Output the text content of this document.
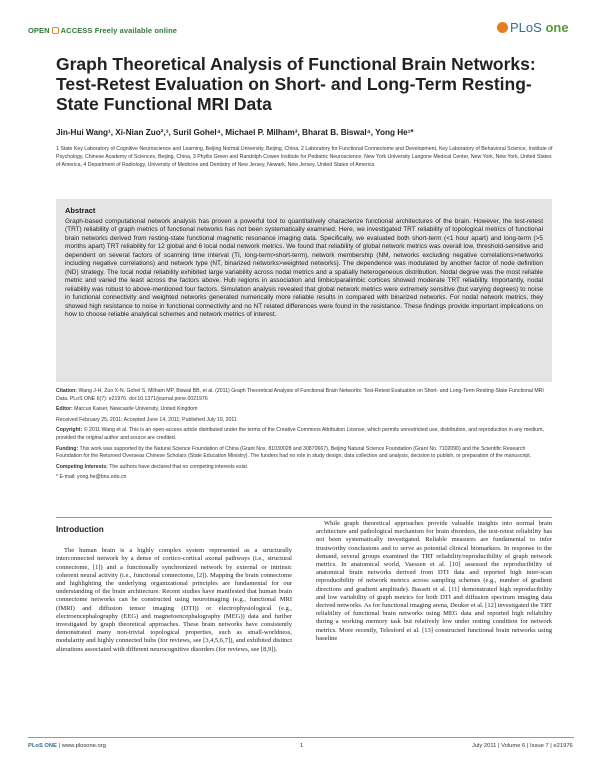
OPEN ACCESS Freely available online	PLoS one
Graph Theoretical Analysis of Functional Brain Networks: Test-Retest Evaluation on Short- and Long-Term Resting-State Functional MRI Data
Jin-Hui Wang¹, Xi-Nian Zuo²,³, Suril Gohel⁴, Michael P. Milham³, Bharat B. Biswal⁴, Yong He¹*
1 State Key Laboratory of Cognitive Neuroscience and Learning, Beijing Normal University, Beijing, China, 2 Laboratory for Functional Connectome and Development, Key Laboratory of Behavioral Science, Institute of Psychology, Chinese Academy of Sciences, Beijing, China, 3 Phyllis Green and Randolph Cowen Institute for Pediatric Neuroscience, New York University Langone Medical Center, New York, New York, United States of America, 4 Department of Radiology, University of Medicine and Dentistry of New Jersey, Newark, New Jersey, United States of America
Abstract

Graph-based computational network analysis has proven a powerful tool to quantitatively characterize functional architectures of the brain. However, the test-retest (TRT) reliability of graph metrics of functional networks has not been systematically examined. Here, we investigated TRT reliability of topological metrics of functional brain networks derived from resting-state functional magnetic resonance imaging data. Specifically, we evaluated both short-term (<1 hour apart) and long-term (>5 months apart) TRT reliability for 12 global and 6 local nodal network metrics. We found that reliability of global network metrics was overall low, threshold-sensitive and dependent on several factors of scanning time interval (TI, long-term>short-term), network membership (NM, networks excluding negative correlations>networks including negative correlations) and network type (NT, binarized networks>weighted networks). The dependence was modulated by another factor of node definition (ND) strategy. The local nodal reliability exhibited large variability across nodal metrics and a spatially heterogeneous distribution. Nodal degree was the most reliable metric and varied the least across the factors above. Hub regions in association and limbic/paralimbic cortices showed moderate TRT reliability. Importantly, nodal reliability was robust to above-mentioned four factors. Simulation analysis revealed that global network metrics were extremely sensitive (but varying degrees) to noise in functional connectivity and weighted networks generated numerically more reliable results in compared with binarized networks. For nodal network metrics, they showed high resistance to noise in functional connectivity and no NT related differences were found in the resistance. These findings provide important implications on how to choose reliable analytical schemes and network metrics of interest.

Citation: Wang J-H, Zuo X-N, Gohel S, Milham MP, Biswal BB, et al. (2011) Graph Theoretical Analysis of Functional Brain Networks: Test-Retest Evaluation on Short- and Long-Term Resting-State Functional MRI Data. PLoS ONE 6(7): e21976. doi:10.1371/journal.pone.0021976
Editor: Marcus Kaiser, Newcastle University, United Kingdom
Received February 25, 2011; Accepted June 14, 2011; Published July 19, 2011
Copyright: © 2011 Wang et al. This is an open-access article distributed under the terms of the Creative Commons Attribution License, which permits unrestricted use, distribution, and reproduction in any medium, provided the original author and source are credited.
Funding: This work was supported by the Natural Science Foundation of China (Grant Nos. 81030028 and 30870667), Beijing Natural Science Foundation (Grant No. 7102090) and the Scientific Research Foundation for the Returned Overseas Chinese Scholars (State Education Ministry). The funders had no role in study design, data collection and analysis, decision to publish, or preparation of the manuscript.
Competing Interests: The authors have declared that no competing interests exist.
* E-mail: yong.he@bnu.edu.cn
Introduction

The human brain is a highly complex system represented as a structurally interconnected network by a dense of cortico-cortical axonal pathways (i.e., structural connectome, [1]) and a functionally synchronized network by external or intrinsic coherent neural activity (i.e., functional connectome, [2]). Mapping the brain connectome and highlighting the underlying organizational principles are fundamental for our understanding of the brain architecture. Recent studies have manifested that human brain connectome networks can be constructed using neuroimaging (e.g., functional MRI (fMRI) and diffusion tensor imaging (DTI)) or electrophysiological (e.g., electroencephalography (EEG) and magnetoencephalography (MEG)) data and further investigated by graph theoretical approaches. These brain networks have consistently demonstrated many non-trivial topological properties, such as small-worldness, modularity and highly connected hubs (for reviews, see [3,4,5,6,7]), and exhibited distinct alterations associated with different neurocognitive disorders (for reviews, see [8,9]).

While graph theoretical approaches provide valuable insights into normal brain architecture and pathological mechanism for brain disorders, the test-retest reliability has not been systematically investigated. Reliable measures are fundamental to infer trustworthy conclusions and to serve as potential clinical biomarkers. In response to the demand, several groups examined the TRT reliability/reproducibility of graph network metrics. In anatomical world, Vaessen et al. [10] assessed the reproducibility of anatomical brain networks derived from DTI data and reported high inter-scan reproducibility of network metrics across sampling schemes (e.g., number of gradient directions and gradient amplitude). Bassett et al. [11] demonstrated high reproducibility and low variability of graph metrics for both DTI and diffusion spectrum imaging data derived networks. As for functional imaging arena, Deuker et al. [12] investigated the TRT reliability of functional brain networks using MEG data and reported high reliability during a working memory task but relatively low under resting condition for network metrics. More recently, Telesford et al. [13] constructed functional brain networks using baseline

PLoS ONE | www.plosone.org	1	July 2011 | Volume 6 | Issue 7 | e21976
